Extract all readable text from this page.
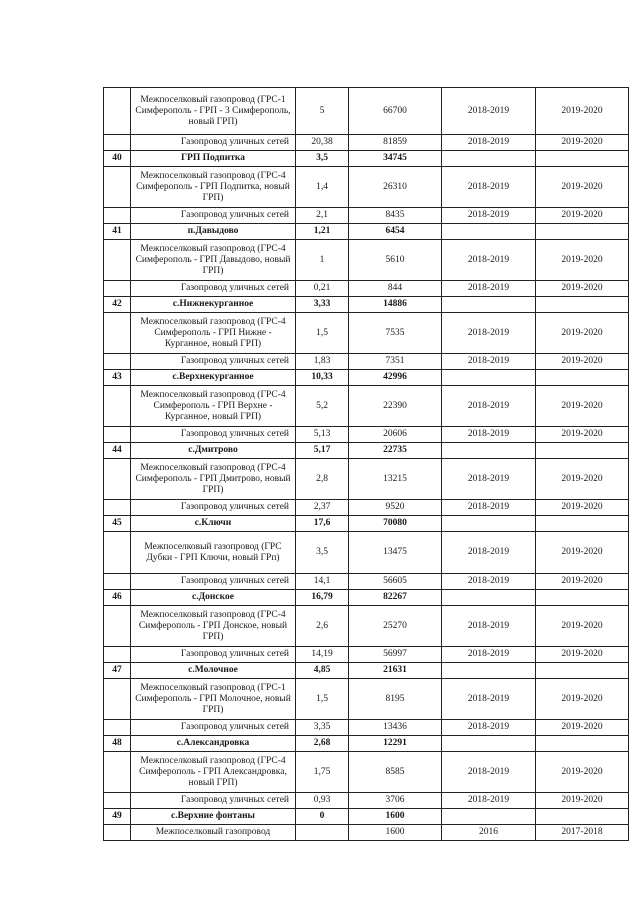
	Межпоселковый газопровод (ГРС-1 Симферополь - ГРП - 3 Симферополь, новый ГРП)	5	66700	2018-2019	2019-2020
	Газопровод уличных сетей	20,38	81859	2018-2019	2019-2020
40	ГРП Подпитка	3,5	34745		
	Межпоселковый газопровод (ГРС-4 Симферополь - ГРП Подпитка, новый ГРП)	1,4	26310	2018-2019	2019-2020
	Газопровод уличных сетей	2,1	8435	2018-2019	2019-2020
41	п.Давыдово	1,21	6454		
	Межпоселковый газопровод (ГРС-4 Симферополь - ГРП Давыдово, новый ГРП)	1	5610	2018-2019	2019-2020
	Газопровод уличных сетей	0,21	844	2018-2019	2019-2020
42	с.Нижнекурганное	3,33	14886		
	Межпоселковый газопровод (ГРС-4 Симферополь - ГРП Нижне - Курганное, новый ГРП)	1,5	7535	2018-2019	2019-2020
	Газопровод уличных сетей	1,83	7351	2018-2019	2019-2020
43	с.Верхнекурганное	10,33	42996		
	Межпоселковый газопровод (ГРС-4 Симферополь - ГРП Верхне - Курганное, новый ГРП)	5,2	22390	2018-2019	2019-2020
	Газопровод уличных сетей	5,13	20606	2018-2019	2019-2020
44	с.Дмитрово	5,17	22735		
	Межпоселковый газопровод (ГРС-4 Симферополь - ГРП Дмитрово, новый ГРП)	2,8	13215	2018-2019	2019-2020
	Газопровод уличных сетей	2,37	9520	2018-2019	2019-2020
45	с.Ключи	17,6	70080		
	Межпоселковый газопровод (ГРС Дубки - ГРП Ключи, новый ГРп)	3,5	13475	2018-2019	2019-2020
	Газопровод уличных сетей	14,1	56605	2018-2019	2019-2020
46	с.Донское	16,79	82267		
	Межпоселковый газопровод (ГРС-4 Симферополь - ГРП Донское, новый ГРП)	2,6	25270	2018-2019	2019-2020
	Газопровод уличных сетей	14,19	56997	2018-2019	2019-2020
47	с.Молочное	4,85	21631		
	Межпоселковый газопровод (ГРС-1 Симферополь - ГРП Молочное, новый ГРП)	1,5	8195	2018-2019	2019-2020
	Газопровод уличных сетей	3,35	13436	2018-2019	2019-2020
48	с.Александровка	2,68	12291		
	Межпоселковый газопровод (ГРС-4 Симферополь - ГРП Александровка, новый ГРП)	1,75	8585	2018-2019	2019-2020
	Газопровод уличных сетей	0,93	3706	2018-2019	2019-2020
49	с.Верхние фонтаны	0	1600		
	Межпоселковый газопровод		1600	2016	2017-2018
